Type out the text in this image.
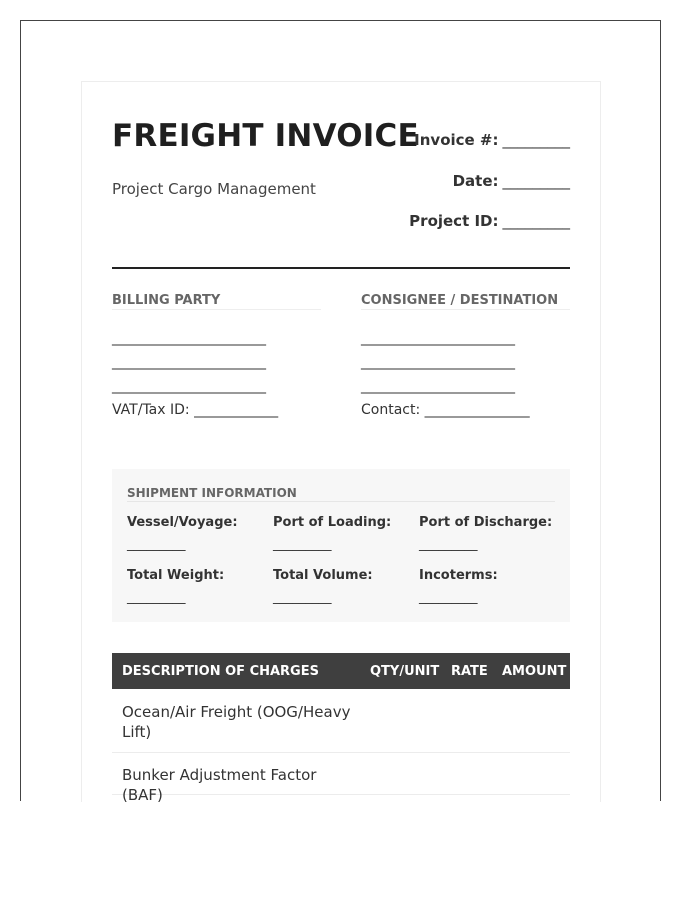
FREIGHT INVOICE
Project Cargo Management
Invoice #: _________
Date: _________
Project ID: _________
BILLING PARTY	CONSIGNEE / DESTINATION
______________________
______________________
______________________
VAT/Tax ID: ____________
______________________
______________________
______________________
Contact: _______________
SHIPMENT INFORMATION
Vessel/Voyage:
_________
Port of Loading:
_________
Port of Discharge:
_________
Total Weight:
_________
Total Volume:
_________
Incoterms:
_________
DESCRIPTION OF CHARGES	QTY/UNIT RATE AMOUNT
Ocean/Air Freight (OOG/Heavy Lift)
Bunker Adjustment Factor (BAF)
